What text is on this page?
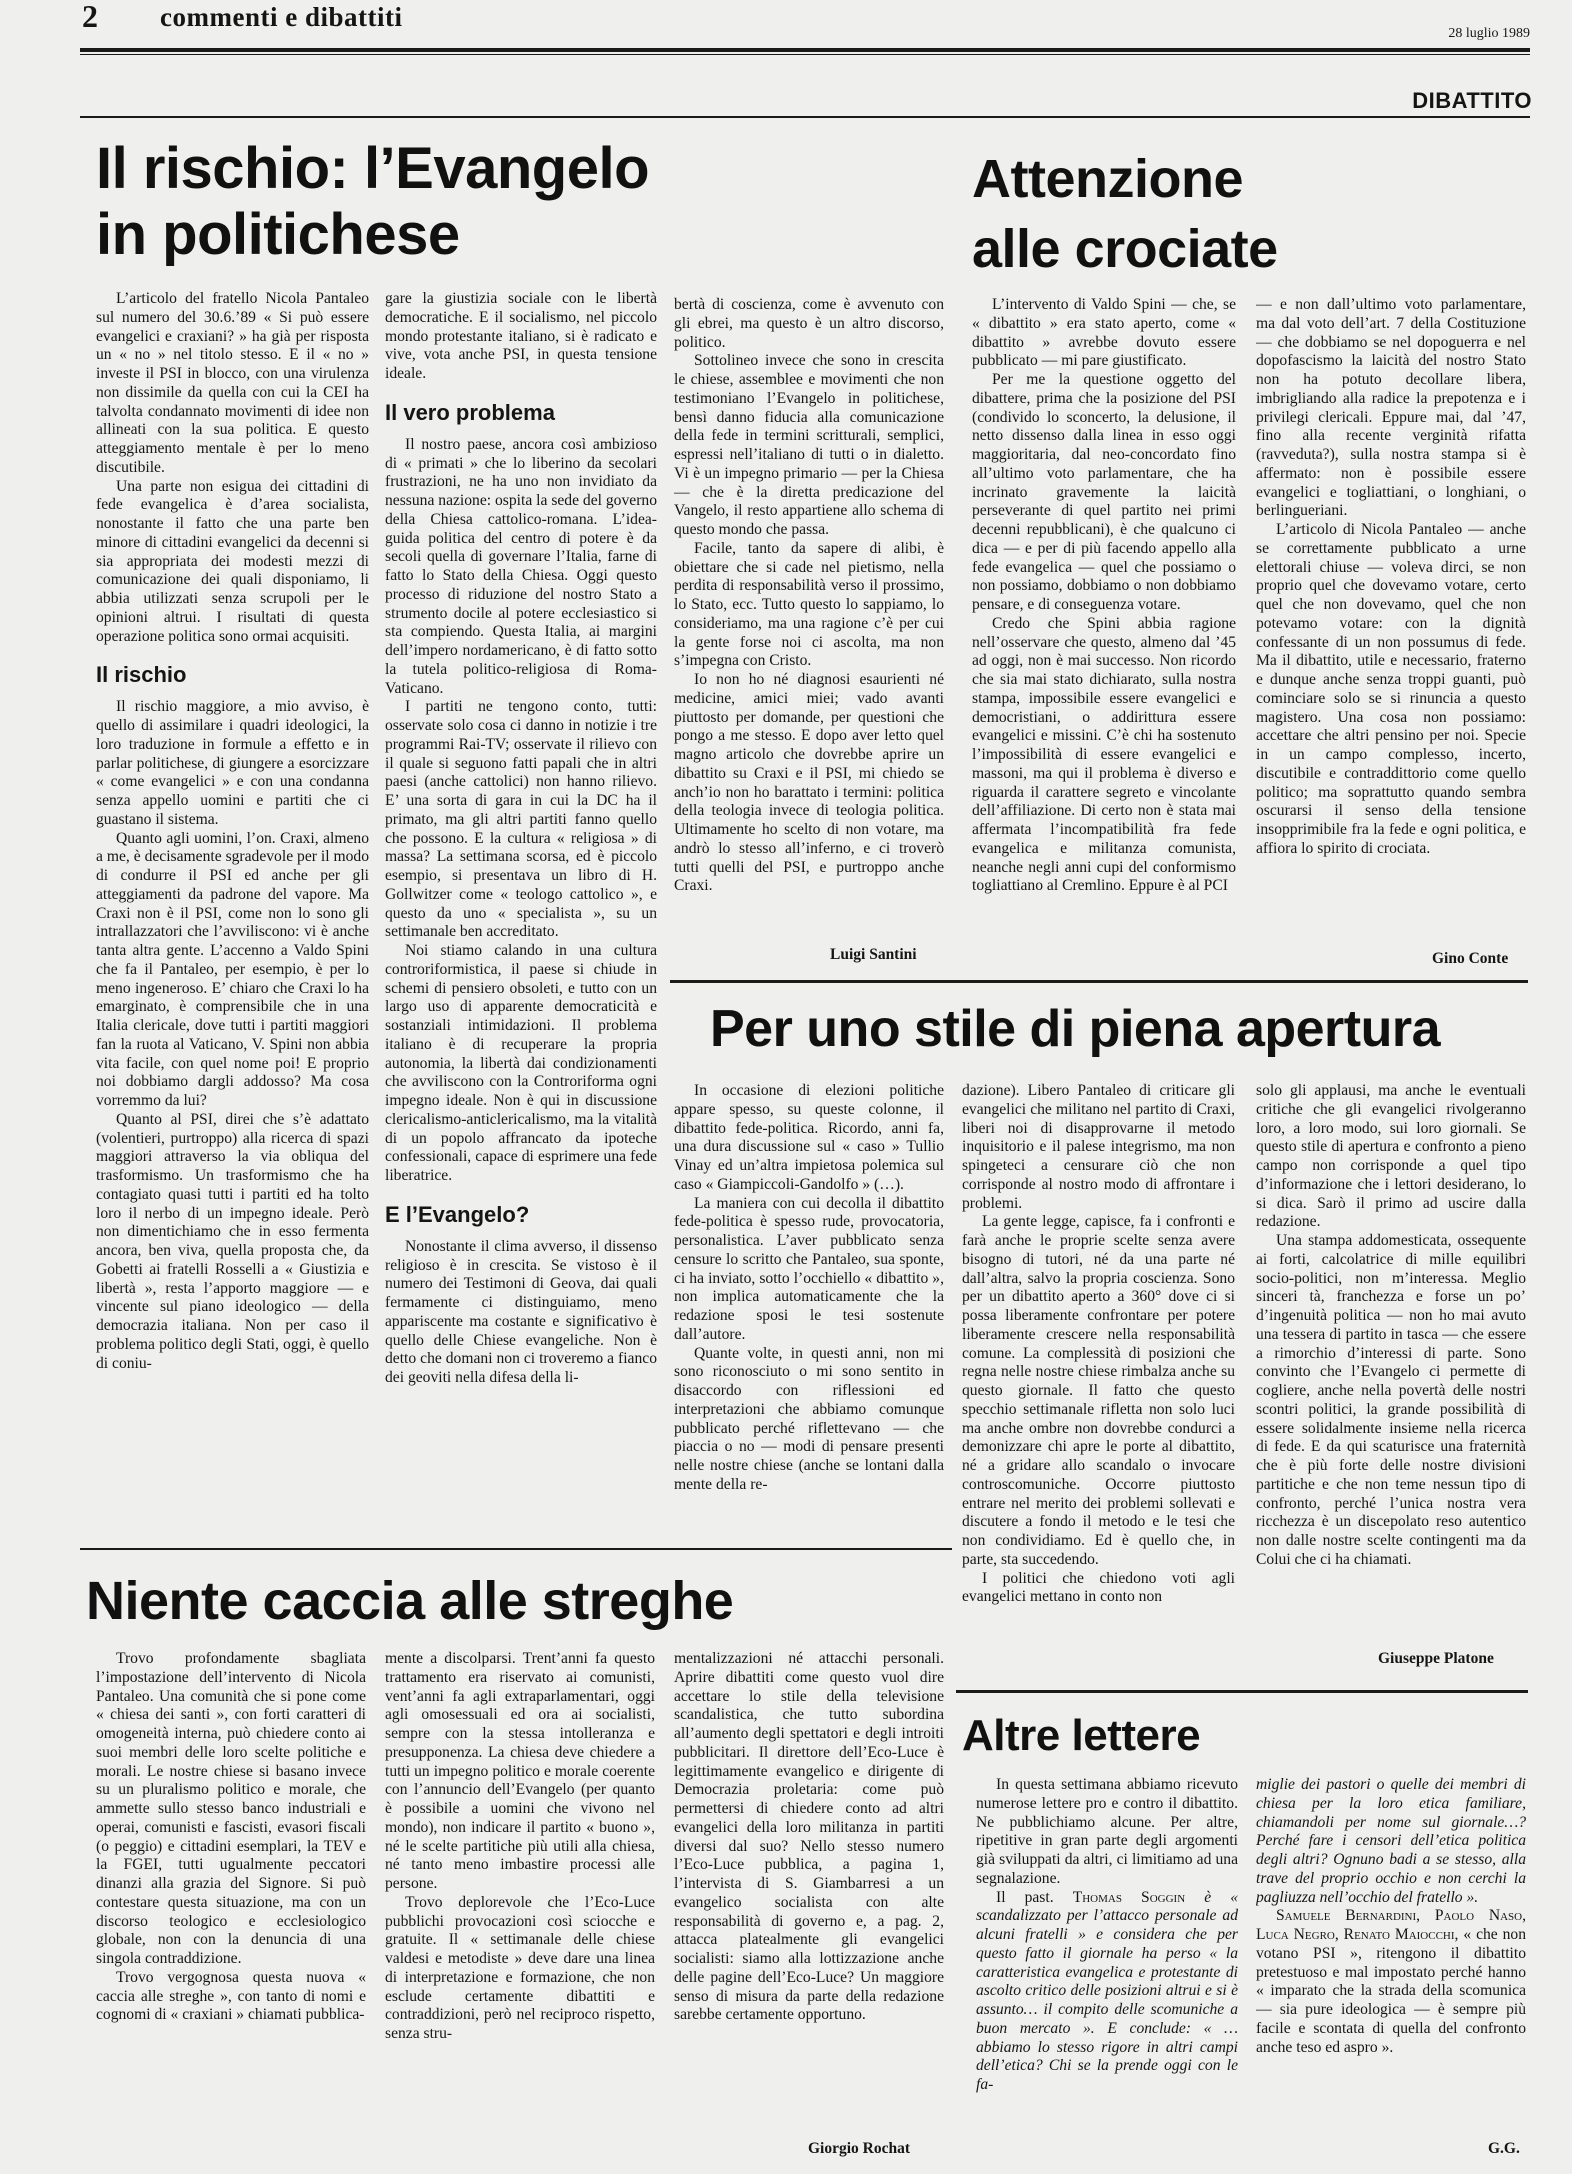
2 commenti e dibattiti
28 luglio 1989
DIBATTITO
Il rischio: l’Evangelo
in politichese

L’articolo del fratello Nicola Pantaleo sul numero del 30.6.’89 « Si può essere evangelici e craxiani? » ha già per risposta un « no » nel titolo stesso. E il « no » investe il PSI in blocco, con una virulenza non dissimile da quella con cui la CEI ha talvolta condannato movimenti di idee non allineati con la sua politica. E questo atteggiamento mentale è per lo meno discutibile.

Una parte non esigua dei cittadini di fede evangelica è d’area socialista, nonostante il fatto che una parte ben minore di cittadini evangelici da decenni si sia appropriata dei modesti mezzi di comunicazione dei quali disponiamo, li abbia utilizzati senza scrupoli per le opinioni altrui. I risultati di questa operazione politica sono ormai acquisiti.

Il rischio

Il rischio maggiore, a mio avviso, è quello di assimilare i quadri ideologici, la loro traduzione in formule a effetto e in parlar politichese, di giungere a esorcizzare « come evangelici » e con una condanna senza appello uomini e partiti che ci guastano il sistema.

Quanto agli uomini, l’on. Craxi, almeno a me, è decisamente sgradevole per il modo di condurre il PSI ed anche per gli atteggiamenti da padrone del vapore. Ma Craxi non è il PSI, come non lo sono gli intrallazzatori che l’avviliscono: vi è anche tanta altra gente. L’accenno a Valdo Spini che fa il Pantaleo, per esempio, è per lo meno ingeneroso. E’ chiaro che Craxi lo ha emarginato, è comprensibile che in una Italia clericale, dove tutti i partiti maggiori fan la ruota al Vaticano, V. Spini non abbia vita facile, con quel nome poi! E proprio noi dobbiamo dargli addosso? Ma cosa vorremmo da lui?

Quanto al PSI, direi che s’è adattato (volentieri, purtroppo) alla ricerca di spazi maggiori attraverso la via obliqua del trasformismo. Un trasformismo che ha contagiato quasi tutti i partiti ed ha tolto loro il nerbo di un impegno ideale. Però non dimentichiamo che in esso fermenta ancora, ben viva, quella proposta che, da Gobetti ai fratelli Rosselli a « Giustizia e libertà », resta l’apporto maggiore — e vincente sul piano ideologico — della democrazia italiana. Non per caso il problema politico degli Stati, oggi, è quello di coniu-

gare la giustizia sociale con le libertà democratiche. E il socialismo, nel piccolo mondo protestante italiano, si è radicato e vive, vota anche PSI, in questa tensione ideale.

Il vero problema

Il nostro paese, ancora così ambizioso di « primati » che lo liberino da secolari frustrazioni, ne ha uno non invidiato da nessuna nazione: ospita la sede del governo della Chiesa cattolico-romana. L’idea-guida politica del centro di potere è da secoli quella di governare l’Italia, farne di fatto lo Stato della Chiesa. Oggi questo processo di riduzione del nostro Stato a strumento docile al potere ecclesiastico si sta compiendo. Questa Italia, ai margini dell’impero nordamericano, è di fatto sotto la tutela politico-religiosa di Roma-Vaticano.

I partiti ne tengono conto, tutti: osservate solo cosa ci danno in notizie i tre programmi Rai-TV; osservate il rilievo con il quale si seguono fatti papali che in altri paesi (anche cattolici) non hanno rilievo. E’ una sorta di gara in cui la DC ha il primato, ma gli altri partiti fanno quello che possono. E la cultura « religiosa » di massa? La settimana scorsa, ed è piccolo esempio, si presentava un libro di H. Gollwitzer come « teologo cattolico », e questo da uno « specialista », su un settimanale ben accreditato.

Noi stiamo calando in una cultura controriformistica, il paese si chiude in schemi di pensiero obsoleti, e tutto con un largo uso di apparente democraticità e sostanziali intimidazioni. Il problema italiano è di recuperare la propria autonomia, la libertà dai condizionamenti che avviliscono con la Controriforma ogni impegno ideale. Non è qui in discussione clericalismo-anticlericalismo, ma la vitalità di un popolo affrancato da ipoteche confessionali, capace di esprimere una fede liberatrice.

E l’Evangelo?

Nonostante il clima avverso, il dissenso religioso è in crescita. Se vistoso è il numero dei Testimoni di Geova, dai quali fermamente ci distinguiamo, meno appariscente ma costante e significativo è quello delle Chiese evangeliche. Non è detto che domani non ci troveremo a fianco dei geoviti nella difesa della li-

bertà di coscienza, come è avvenuto con gli ebrei, ma questo è un altro discorso, politico.

Sottolineo invece che sono in crescita le chiese, assemblee e movimenti che non testimoniano l’Evangelo in politichese, bensì danno fiducia alla comunicazione della fede in termini scritturali, semplici, espressi nell’italiano di tutti o in dialetto. Vi è un impegno primario — per la Chiesa — che è la diretta predicazione del Vangelo, il resto appartiene allo schema di questo mondo che passa.

Facile, tanto da sapere di alibi, è obiettare che si cade nel pietismo, nella perdita di responsabilità verso il prossimo, lo Stato, ecc. Tutto questo lo sappiamo, lo consideriamo, ma una ragione c’è per cui la gente forse noi ci ascolta, ma non s’impegna con Cristo.

Io non ho né diagnosi esaurienti né medicine, amici miei; vado avanti piuttosto per domande, per questioni che pongo a me stesso. E dopo aver letto quel magno articolo che dovrebbe aprire un dibattito su Craxi e il PSI, mi chiedo se anch’io non ho barattato i termini: politica della teologia invece di teologia politica. Ultimamente ho scelto di non votare, ma andrò lo stesso all’inferno, e ci troverò tutti quelli del PSI, e purtroppo anche Craxi.

Luigi Santini
Attenzione
alle crociate

L’intervento di Valdo Spini — che, se « dibattito » era stato aperto, come « dibattito » avrebbe dovuto essere pubblicato — mi pare giustificato.

Per me la questione oggetto del dibattere, prima che la posizione del PSI (condivido lo sconcerto, la delusione, il netto dissenso dalla linea in esso oggi maggioritaria, dal neo-concordato fino all’ultimo voto parlamentare, che ha incrinato gravemente la laicità perseverante di quel partito nei primi decenni repubblicani), è che qualcuno ci dica — e per di più facendo appello alla fede evangelica — quel che possiamo o non possiamo, dobbiamo o non dobbiamo pensare, e di conseguenza votare.

Credo che Spini abbia ragione nell’osservare che questo, almeno dal ’45 ad oggi, non è mai successo. Non ricordo che sia mai stato dichiarato, sulla nostra stampa, impossibile essere evangelici e democristiani, o addirittura essere evangelici e missini. C’è chi ha sostenuto l’impossibilità di essere evangelici e massoni, ma qui il problema è diverso e riguarda il carattere segreto e vincolante dell’affiliazione. Di certo non è stata mai affermata l’incompatibilità fra fede evangelica e militanza comunista, neanche negli anni cupi del conformismo togliattiano al Cremlino. Eppure è al PCI

— e non dall’ultimo voto parlamentare, ma dal voto dell’art. 7 della Costituzione — che dobbiamo se nel dopoguerra e nel dopofascismo la laicità del nostro Stato non ha potuto decollare libera, imbrigliando alla radice la prepotenza e i privilegi clericali. Eppure mai, dal ’47, fino alla recente verginità rifatta (ravveduta?), sulla nostra stampa si è affermato: non è possibile essere evangelici e togliattiani, o longhiani, o berlingueriani.

L’articolo di Nicola Pantaleo — anche se correttamente pubblicato a urne elettorali chiuse — voleva dirci, se non proprio quel che dovevamo votare, certo quel che non dovevamo, quel che non potevamo votare: con la dignità confessante di un non possumus di fede. Ma il dibattito, utile e necessario, fraterno e dunque anche senza troppi guanti, può cominciare solo se si rinuncia a questo magistero. Una cosa non possiamo: accettare che altri pensino per noi. Specie in un campo complesso, incerto, discutibile e contraddittorio come quello politico; ma soprattutto quando sembra oscurarsi il senso della tensione insopprimibile fra la fede e ogni politica, e affiora lo spirito di crociata.

Gino Conte
Per uno stile di piena apertura

In occasione di elezioni politiche appare spesso, su queste colonne, il dibattito fede-politica. Ricordo, anni fa, una dura discussione sul « caso » Tullio Vinay ed un’altra impietosa polemica sul caso « Giampiccoli-Gandolfo » (…).

La maniera con cui decolla il dibattito fede-politica è spesso rude, provocatoria, personalistica. L’aver pubblicato senza censure lo scritto che Pantaleo, sua sponte, ci ha inviato, sotto l’occhiello « dibattito », non implica automaticamente che la redazione sposi le tesi sostenute dall’autore.

Quante volte, in questi anni, non mi sono riconosciuto o mi sono sentito in disaccordo con riflessioni ed interpretazioni che abbiamo comunque pubblicato perché riflettevano — che piaccia o no — modi di pensare presenti nelle nostre chiese (anche se lontani dalla mente della re-

dazione). Libero Pantaleo di criticare gli evangelici che militano nel partito di Craxi, liberi noi di disapprovarne il metodo inquisitorio e il palese integrismo, ma non spingeteci a censurare ciò che non corrisponde al nostro modo di affrontare i problemi.

La gente legge, capisce, fa i confronti e farà anche le proprie scelte senza avere bisogno di tutori, né da una parte né dall’altra, salvo la propria coscienza. Sono per un dibattito aperto a 360° dove ci si possa liberamente confrontare per potere liberamente crescere nella responsabilità comune. La complessità di posizioni che regna nelle nostre chiese rimbalza anche su questo giornale. Il fatto che questo specchio settimanale rifletta non solo luci ma anche ombre non dovrebbe condurci a demonizzare chi apre le porte al dibattito, né a gridare allo scandalo o invocare controscomuniche. Occorre piuttosto entrare nel merito dei problemi sollevati e discutere a fondo il metodo e le tesi che non condividiamo. Ed è quello che, in parte, sta succedendo.

I politici che chiedono voti agli evangelici mettano in conto non

solo gli applausi, ma anche le eventuali critiche che gli evangelici rivolgeranno loro, a loro modo, sui loro giornali. Se questo stile di apertura e confronto a pieno campo non corrisponde a quel tipo d’informazione che i lettori desiderano, lo si dica. Sarò il primo ad uscire dalla redazione.

Una stampa addomesticata, ossequente ai forti, calcolatrice di mille equilibri socio-politici, non m’interessa. Meglio sinceri tà, franchezza e forse un po’ d’ingenuità politica — non ho mai avuto una tessera di partito in tasca — che essere a rimorchio d’interessi di parte. Sono convinto che l’Evangelo ci permette di cogliere, anche nella povertà delle nostri scontri politici, la grande possibilità di essere solidalmente insieme nella ricerca di fede. E da qui scaturisce una fraternità che è più forte delle nostre divisioni partitiche e che non teme nessun tipo di confronto, perché l’unica nostra vera ricchezza è un discepolato reso autentico non dalle nostre scelte contingenti ma da Colui che ci ha chiamati.

Giuseppe Platone
Niente caccia alle streghe

Trovo profondamente sbagliata l’impostazione dell’intervento di Nicola Pantaleo. Una comunità che si pone come « chiesa dei santi », con forti caratteri di omogeneità interna, può chiedere conto ai suoi membri delle loro scelte politiche e morali. Le nostre chiese si basano invece su un pluralismo politico e morale, che ammette sullo stesso banco industriali e operai, comunisti e fascisti, evasori fiscali (o peggio) e cittadini esemplari, la TEV e la FGEI, tutti ugualmente peccatori dinanzi alla grazia del Signore. Si può contestare questa situazione, ma con un discorso teologico e ecclesiologico globale, non con la denuncia di una singola contraddizione.

Trovo vergognosa questa nuova « caccia alle streghe », con tanto di nomi e cognomi di « craxiani » chiamati pubblica-

mente a discolparsi. Trent’anni fa questo trattamento era riservato ai comunisti, vent’anni fa agli extraparlamentari, oggi agli omosessuali ed ora ai socialisti, sempre con la stessa intolleranza e presupponenza. La chiesa deve chiedere a tutti un impegno politico e morale coerente con l’annuncio dell’Evangelo (per quanto è possibile a uomini che vivono nel mondo), non indicare il partito « buono », né le scelte partitiche più utili alla chiesa, né tanto meno imbastire processi alle persone.

Trovo deplorevole che l’Eco-Luce pubblichi provocazioni così sciocche e gratuite. Il « settimanale delle chiese valdesi e metodiste » deve dare una linea di interpretazione e formazione, che non esclude certamente dibattiti e contraddizioni, però nel reciproco rispetto, senza stru-

mentalizzazioni né attacchi personali. Aprire dibattiti come questo vuol dire accettare lo stile della televisione scandalistica, che tutto subordina all’aumento degli spettatori e degli introiti pubblicitari. Il direttore dell’Eco-Luce è legittimamente evangelico e dirigente di Democrazia proletaria: come può permettersi di chiedere conto ad altri evangelici della loro militanza in partiti diversi dal suo? Nello stesso numero l’Eco-Luce pubblica, a pagina 1, l’intervista di S. Giambarresi a un evangelico socialista con alte responsabilità di governo e, a pag. 2, attacca platealmente gli evangelici socialisti: siamo alla lottizzazione anche delle pagine dell’Eco-Luce? Un maggiore senso di misura da parte della redazione sarebbe certamente opportuno.

Giorgio Rochat
Altre lettere

In questa settimana abbiamo ricevuto numerose lettere pro e contro il dibattito. Ne pubblichiamo alcune. Per altre, ripetitive in gran parte degli argomenti già sviluppati da altri, ci limitiamo ad una segnalazione.

Il past. Thomas Soggin è « scandalizzato per l’attacco personale ad alcuni fratelli » e considera che per questo fatto il giornale ha perso « la caratteristica evangelica e protestante di ascolto critico delle posizioni altrui e si è assunto… il compito delle scomuniche a buon mercato ». E conclude: « …abbiamo lo stesso rigore in altri campi dell’etica? Chi se la prende oggi con le fa-

miglie dei pastori o quelle dei membri di chiesa per la loro etica familiare, chiamandoli per nome sul giornale…? Perché fare i censori dell’etica politica degli altri? Ognuno badi a se stesso, alla trave del proprio occhio e non cerchi la pagliuzza nell’occhio del fratello ».

Samuele Bernardini, Paolo Naso, Luca Negro, Renato Maiocchi, « che non votano PSI », ritengono il dibattito pretestuoso e mal impostato perché hanno « imparato che la strada della scomunica — sia pure ideologica — è sempre più facile e scontata di quella del confronto anche teso ed aspro ».

G.G.
